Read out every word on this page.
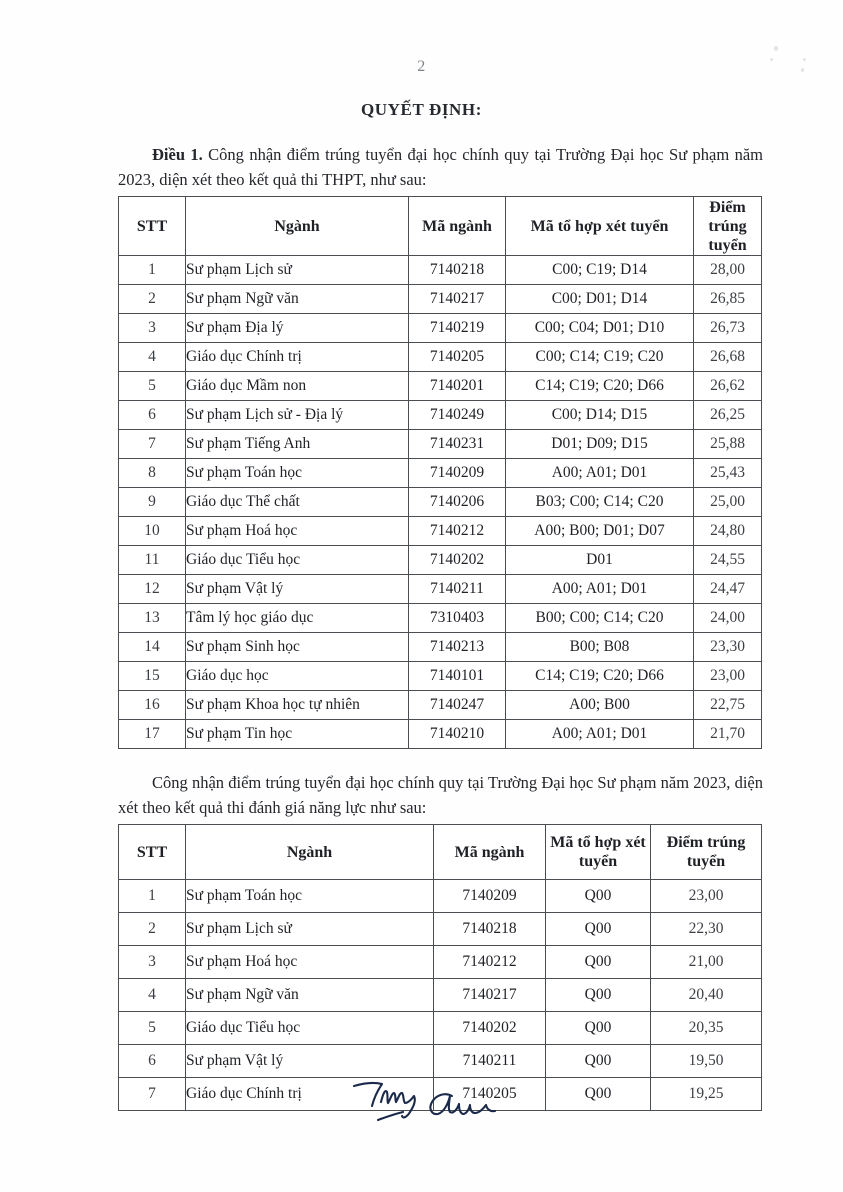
2
QUYẾT ĐỊNH:
Điều 1. Công nhận điểm trúng tuyển đại học chính quy tại Trường Đại học Sư phạm năm 2023, diện xét theo kết quả thi THPT, như sau:
STT	Ngành	Mã ngành	Mã tổ hợp xét tuyển	Điểm trúng tuyển
1	Sư phạm Lịch sử	7140218	C00; C19; D14	28,00
2	Sư phạm Ngữ văn	7140217	C00; D01; D14	26,85
3	Sư phạm Địa lý	7140219	C00; C04; D01; D10	26,73
4	Giáo dục Chính trị	7140205	C00; C14; C19; C20	26,68
5	Giáo dục Mầm non	7140201	C14; C19; C20; D66	26,62
6	Sư phạm Lịch sử - Địa lý	7140249	C00; D14; D15	26,25
7	Sư phạm Tiếng Anh	7140231	D01; D09; D15	25,88
8	Sư phạm Toán học	7140209	A00; A01; D01	25,43
9	Giáo dục Thể chất	7140206	B03; C00; C14; C20	25,00
10	Sư phạm Hoá học	7140212	A00; B00; D01; D07	24,80
11	Giáo dục Tiểu học	7140202	D01	24,55
12	Sư phạm Vật lý	7140211	A00; A01; D01	24,47
13	Tâm lý học giáo dục	7310403	B00; C00; C14; C20	24,00
14	Sư phạm Sinh học	7140213	B00; B08	23,30
15	Giáo dục học	7140101	C14; C19; C20; D66	23,00
16	Sư phạm Khoa học tự nhiên	7140247	A00; B00	22,75
17	Sư phạm Tin học	7140210	A00; A01; D01	21,70
Công nhận điểm trúng tuyển đại học chính quy tại Trường Đại học Sư phạm năm 2023, diện xét theo kết quả thi đánh giá năng lực như sau:
STT	Ngành	Mã ngành	Mã tổ hợp xét tuyển	Điểm trúng tuyển
1	Sư phạm Toán học	7140209	Q00	23,00
2	Sư phạm Lịch sử	7140218	Q00	22,30
3	Sư phạm Hoá học	7140212	Q00	21,00
4	Sư phạm Ngữ văn	7140217	Q00	20,40
5	Giáo dục Tiểu học	7140202	Q00	20,35
6	Sư phạm Vật lý	7140211	Q00	19,50
7	Giáo dục Chính trị	7140205	Q00	19,25
